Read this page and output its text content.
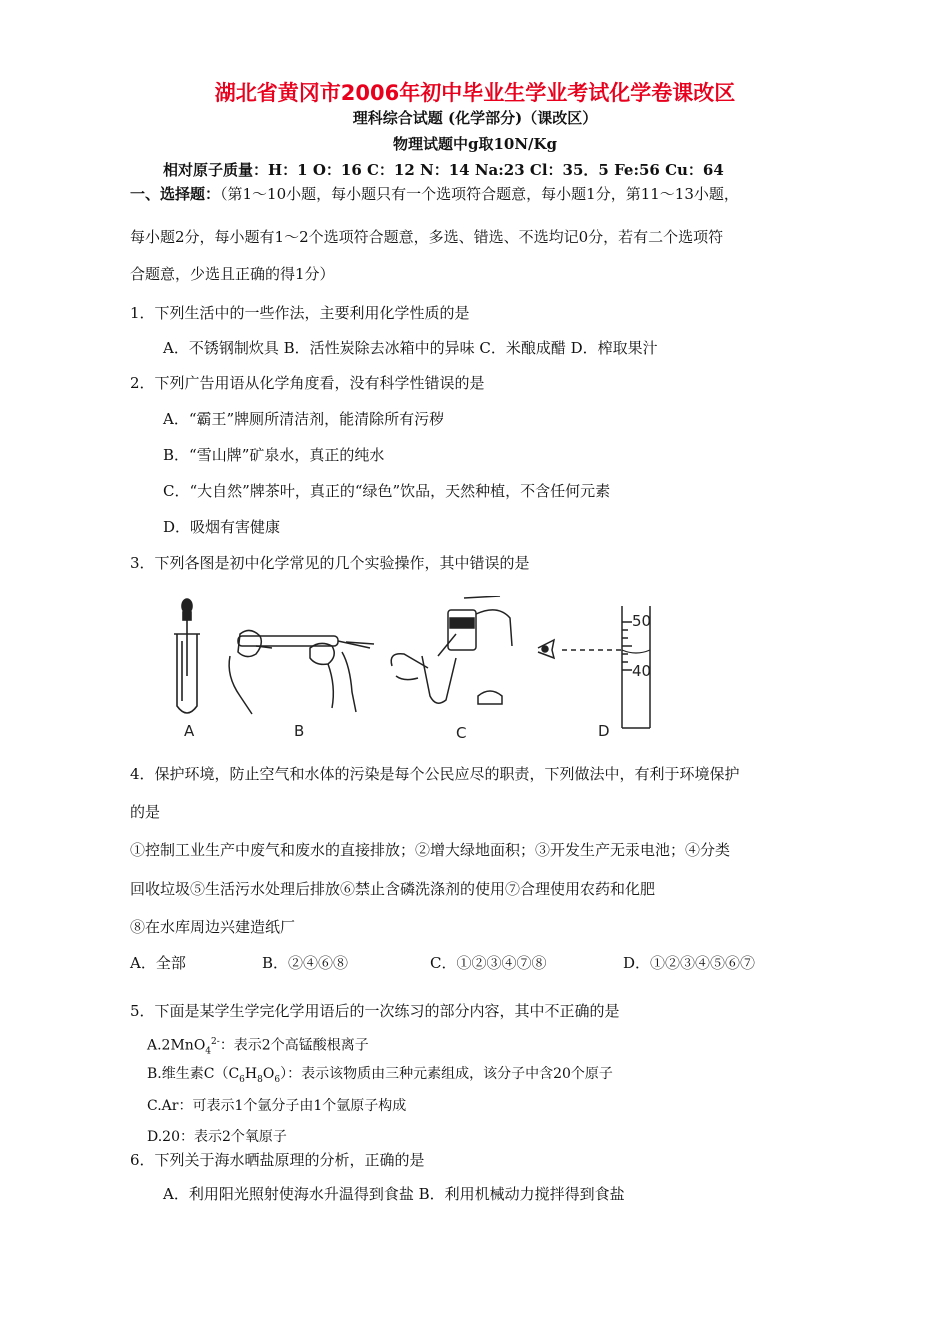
湖北省黄冈市2006年初中毕业生学业考试化学卷课改区
理科综合试题 (化学部分)（课改区）
物理试题中g取10N/Kg
相对原子质量：H：1 O：16 C：12 N：14 Na:23 Cl：35．5 Fe:56 Cu：64
一、选择题：（第1～10小题，每小题只有一个选项符合题意，每小题1分，第11～13小题，
每小题2分，每小题有1～2个选项符合题意，多选、错选、不选均记0分，若有二个选项符
合题意，少选且正确的得1分）
1．下列生活中的一些作法，主要利用化学性质的是
A．不锈钢制炊具 B．活性炭除去冰箱中的异味 C．米酿成醋 D．榨取果汁
2．下列广告用语从化学角度看，没有科学性错误的是
A．“霸王”牌厕所清洁剂，能清除所有污秽
B．“雪山牌”矿泉水，真正的纯水
C．“大自然”牌茶叶，真正的“绿色”饮品，天然种植，不含任何元素
D．吸烟有害健康
3．下列各图是初中化学常见的几个实验操作，其中错误的是
50
40
A	B	C	D
4．保护环境，防止空气和水体的污染是每个公民应尽的职责，下列做法中，有利于环境保护
的是
①控制工业生产中废气和废水的直接排放；②增大绿地面积；③开发生产无汞电池；④分类
回收垃圾⑤生活污水处理后排放⑥禁止含磷洗涤剂的使用⑦合理使用农药和化肥
⑧在水库周边兴建造纸厂
A．全部	B．②④⑥⑧	C．①②③④⑦⑧	D．①②③④⑤⑥⑦
5．下面是某学生学完化学用语后的一次练习的部分内容，其中不正确的是
A.2MnO$_4^{2-}$：表示2个高锰酸根离子
B.维生素$C(C_6H_8O_6)$：表示该物质由三种元素组成，该分子中含20个原子
C.Ar：可表示1个氩分子由1个氩原子构成
D.20：表示2个氧原子
6．下列关于海水晒盐原理的分析，正确的是
A．利用阳光照射使海水升温得到食盐 B．利用机械动力搅拌得到食盐
